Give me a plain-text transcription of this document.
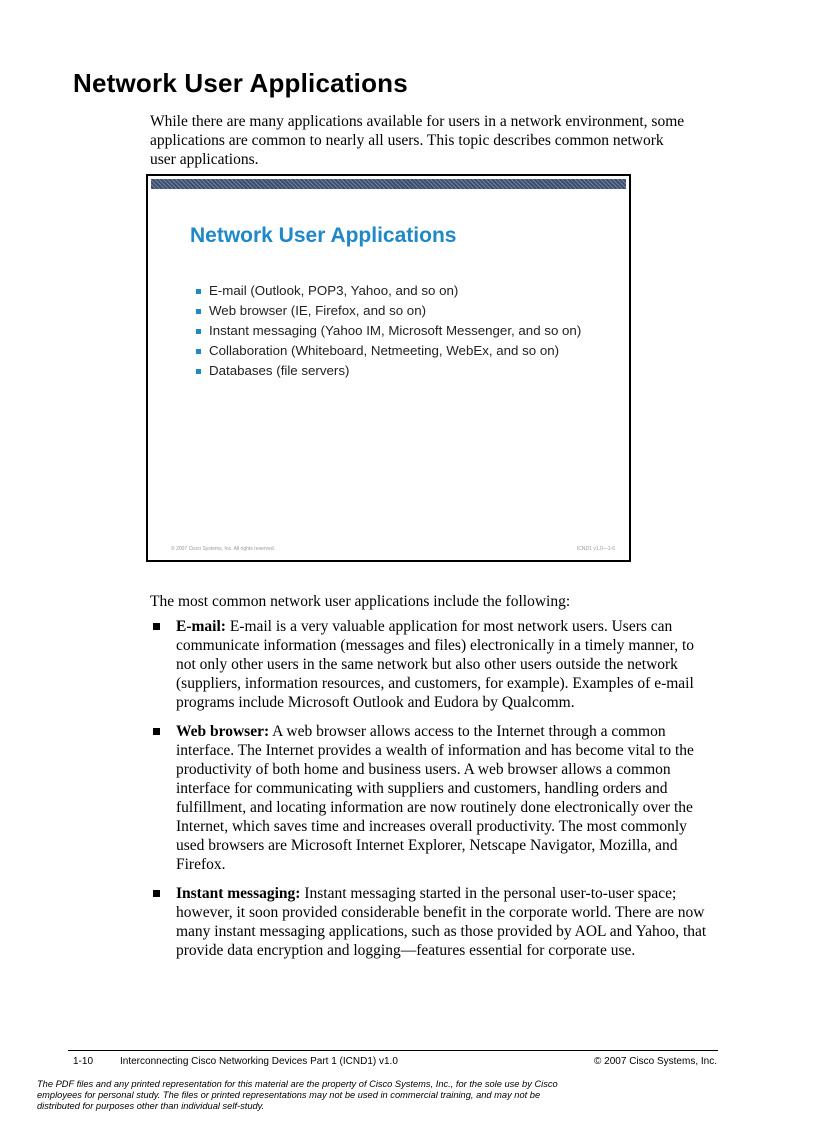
Network User Applications

While there are many applications available for users in a network environment, some applications are common to nearly all users. This topic describes common network user applications.

Network User Applications
E-mail (Outlook, POP3, Yahoo, and so on)
Web browser (IE, Firefox, and so on)
Instant messaging (Yahoo IM, Microsoft Messenger, and so on)
Collaboration (Whiteboard, Netmeeting, WebEx, and so on)
Databases (file servers)
© 2007 Cisco Systems, Inc. All rights reserved.	ICND1 v1.0—1-6

The most common network user applications include the following:

E-mail: E-mail is a very valuable application for most network users. Users can communicate information (messages and files) electronically in a timely manner, to not only other users in the same network but also other users outside the network (suppliers, information resources, and customers, for example). Examples of e-mail programs include Microsoft Outlook and Eudora by Qualcomm.
Web browser: A web browser allows access to the Internet through a common interface. The Internet provides a wealth of information and has become vital to the productivity of both home and business users. A web browser allows a common interface for communicating with suppliers and customers, handling orders and fulfillment, and locating information are now routinely done electronically over the Internet, which saves time and increases overall productivity. The most commonly used browsers are Microsoft Internet Explorer, Netscape Navigator, Mozilla, and Firefox.
Instant messaging: Instant messaging started in the personal user-to-user space; however, it soon provided considerable benefit in the corporate world. There are now many instant messaging applications, such as those provided by AOL and Yahoo, that provide data encryption and logging—features essential for corporate use.
1-10	Interconnecting Cisco Networking Devices Part 1 (ICND1) v1.0	© 2007 Cisco Systems, Inc.

The PDF files and any printed representation for this material are the property of Cisco Systems, Inc., for the sole use by Cisco employees for personal study. The files or printed representations may not be used in commercial training, and may not be distributed for purposes other than individual self-study.
